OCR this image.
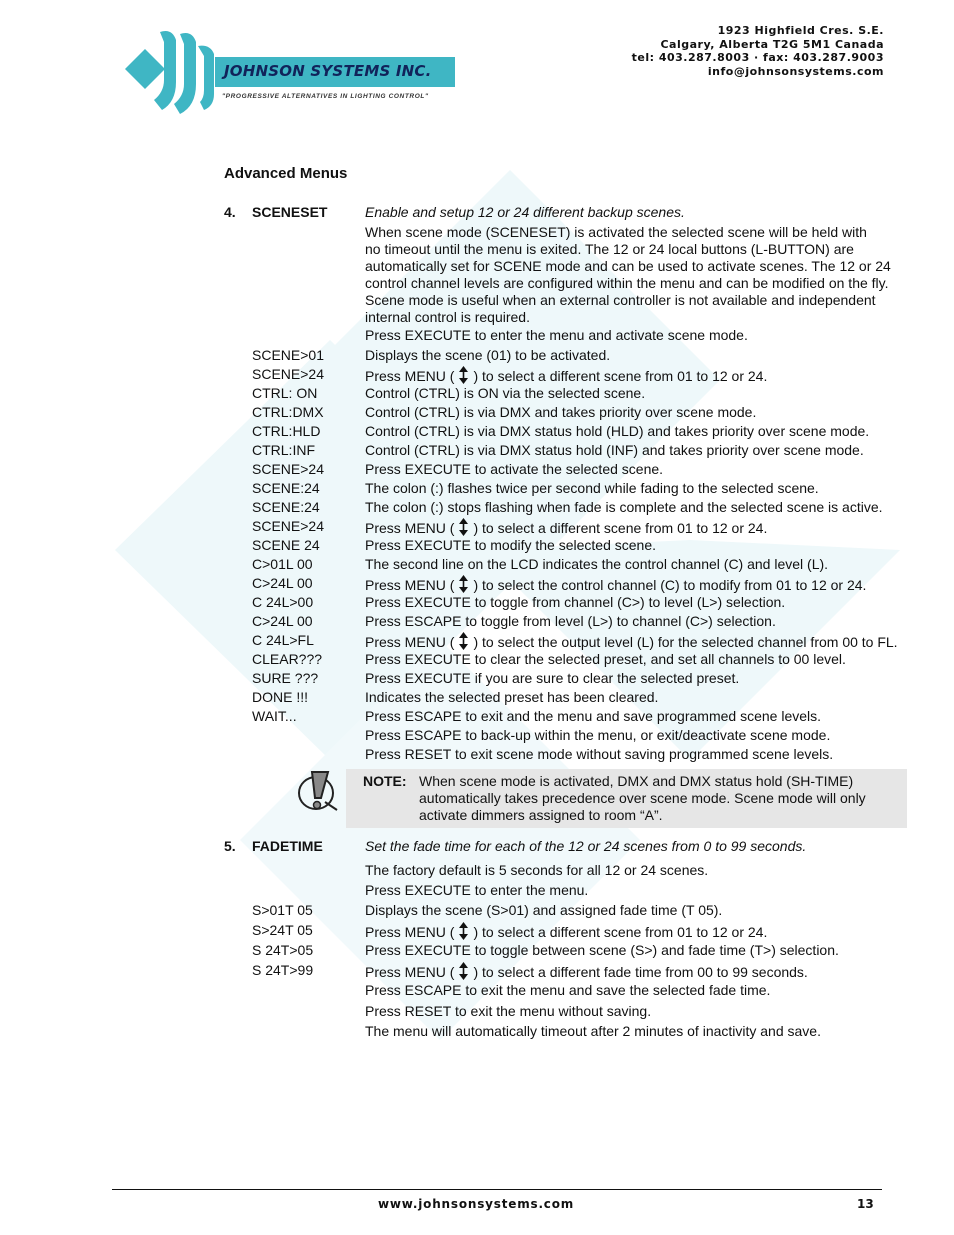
JOHNSON SYSTEMS INC.
"PROGRESSIVE ALTERNATIVES IN LIGHTING CONTROL"
1923 Highfield Cres. S.E.
Calgary, Alberta T2G 5M1 Canada
tel: 403.287.8003 · fax: 403.287.9003
info@johnsonsystems.com
Advanced Menus
4. SCENESET	Enable and setup 12 or 24 different backup scenes.
When scene mode (SCENESET) is activated the selected scene will be held with
no timeout until the menu is exited. The 12 or 24 local buttons (L-BUTTON) are
automatically set for SCENE mode and can be used to activate scenes. The 12 or 24
control channel levels are configured within the menu and can be modified on the fly.
Scene mode is useful when an external controller is not available and independent
internal control is required.
Press EXECUTE to enter the menu and activate scene mode.
SCENE>01	Displays the scene (01) to be activated.
SCENE>24	Press MENU ( ) to select a different scene from 01 to 12 or 24.
CTRL: ON	Control (CTRL) is ON via the selected scene.
CTRL:DMX	Control (CTRL) is via DMX and takes priority over scene mode.
CTRL:HLD	Control (CTRL) is via DMX status hold (HLD) and takes priority over scene mode.
CTRL:INF	Control (CTRL) is via DMX status hold (INF) and takes priority over scene mode.
SCENE>24	Press EXECUTE to activate the selected scene.
SCENE:24	The colon (:) flashes twice per second while fading to the selected scene.
SCENE:24	The colon (:) stops flashing when fade is complete and the selected scene is active.
SCENE>24	Press MENU ( ) to select a different scene from 01 to 12 or 24.
SCENE 24	Press EXECUTE to modify the selected scene.
C>01L 00	The second line on the LCD indicates the control channel (C) and level (L).
C>24L 00	Press MENU ( ) to select the control channel (C) to modify from 01 to 12 or 24.
C 24L>00	Press EXECUTE to toggle from channel (C>) to level (L>) selection.
C>24L 00	Press ESCAPE to toggle from level (L>) to channel (C>) selection.
C 24L>FL	Press MENU ( ) to select the output level (L) for the selected channel from 00 to FL.
CLEAR???	Press EXECUTE to clear the selected preset, and set all channels to 00 level.
SURE ???	Press EXECUTE if you are sure to clear the selected preset.
DONE !!!	Indicates the selected preset has been cleared.
WAIT...	Press ESCAPE to exit and the menu and save programmed scene levels.
Press ESCAPE to back-up within the menu, or exit/deactivate scene mode.
Press RESET to exit scene mode without saving programmed scene levels.
NOTE: When scene mode is activated, DMX and DMX status hold (SH-TIME)
automatically takes precedence over scene mode. Scene mode will only
activate dimmers assigned to room “A”.
5. FADETIME	Set the fade time for each of the 12 or 24 scenes from 0 to 99 seconds.
The factory default is 5 seconds for all 12 or 24 scenes.
Press EXECUTE to enter the menu.
S>01T 05	Displays the scene (S>01) and assigned fade time (T 05).
S>24T 05	Press MENU ( ) to select a different scene from 01 to 12 or 24.
S 24T>05	Press EXECUTE to toggle between scene (S>) and fade time (T>) selection.
S 24T>99	Press MENU ( ) to select a different fade time from 00 to 99 seconds.
Press ESCAPE to exit the menu and save the selected fade time.
Press RESET to exit the menu without saving.
The menu will automatically timeout after 2 minutes of inactivity and save.
www.johnsonsystems.com	13
